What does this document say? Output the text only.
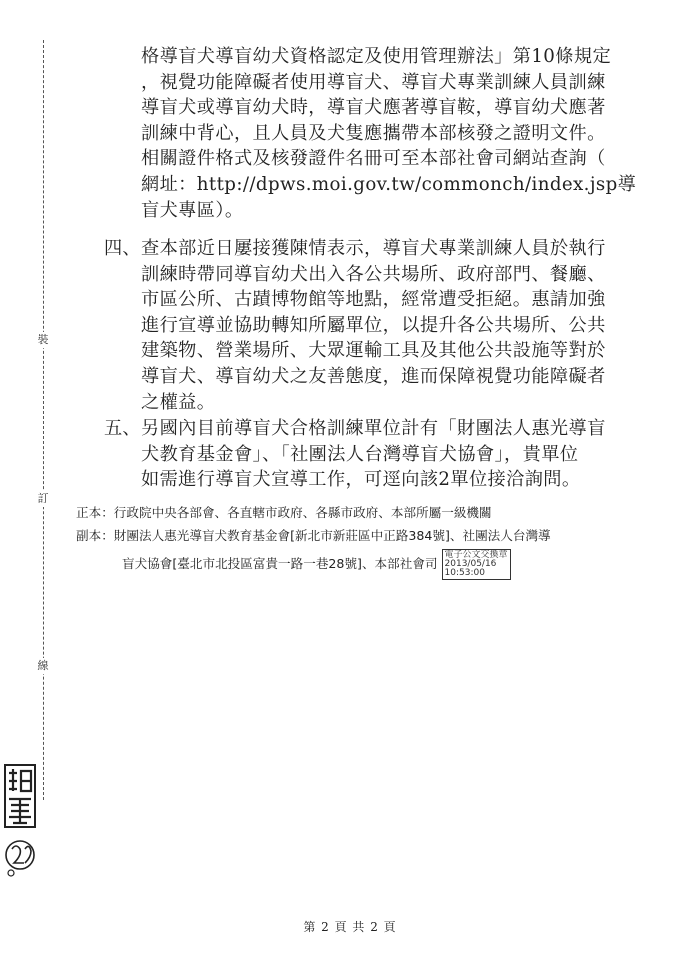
裝
訂
線
格導盲犬導盲幼犬資格認定及使用管理辦法」第10條規定
，視覺功能障礙者使用導盲犬、導盲犬專業訓練人員訓練
導盲犬或導盲幼犬時，導盲犬應著導盲鞍，導盲幼犬應著
訓練中背心，且人員及犬隻應攜帶本部核發之證明文件。
相關證件格式及核發證件名冊可至本部社會司網站查詢（
網址：http://dpws.moi.gov.tw/commonch/index.jsp導
盲犬專區）。
四、 查本部近日屢接獲陳情表示，導盲犬專業訓練人員於執行
訓練時帶同導盲幼犬出入各公共場所、政府部門、餐廳、
市區公所、古蹟博物館等地點，經常遭受拒絕。惠請加強
進行宣導並協助轉知所屬單位，以提升各公共場所、公共
建築物、營業場所、大眾運輸工具及其他公共設施等對於
導盲犬、導盲幼犬之友善態度，進而保障視覺功能障礙者
之權益。
五、 另國內目前導盲犬合格訓練單位計有「財團法人惠光導盲
犬教育基金會」、「社團法人台灣導盲犬協會」，貴單位
如需進行導盲犬宣導工作，可逕向該2單位接洽詢問。
正本：行政院中央各部會、各直轄市政府、各縣市政府、本部所屬一級機關
副本：財團法人惠光導盲犬教育基金會[新北市新莊區中正路384號]、社團法人台灣導
盲犬協會[臺北市北投區富貴一路一巷28號]、本部社會司
電子公文交換章
2013/05/16
10:53:00
第 2 頁 共 2 頁
